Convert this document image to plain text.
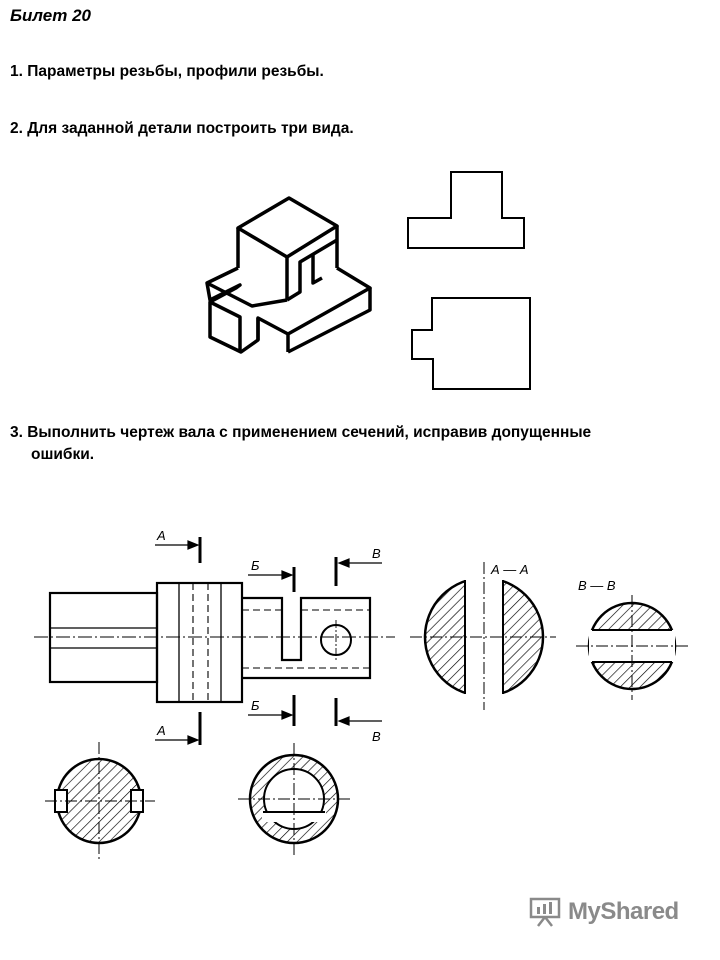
Билет 20
1. Параметры резьбы, профили резьбы.
2. Для заданной детали построить три вида.
3. Выполнить чертеж вала с применением сечений, исправив допущенные
ошибки.
А
А
Б
Б
В
В
А — А
В — В
MyShared
